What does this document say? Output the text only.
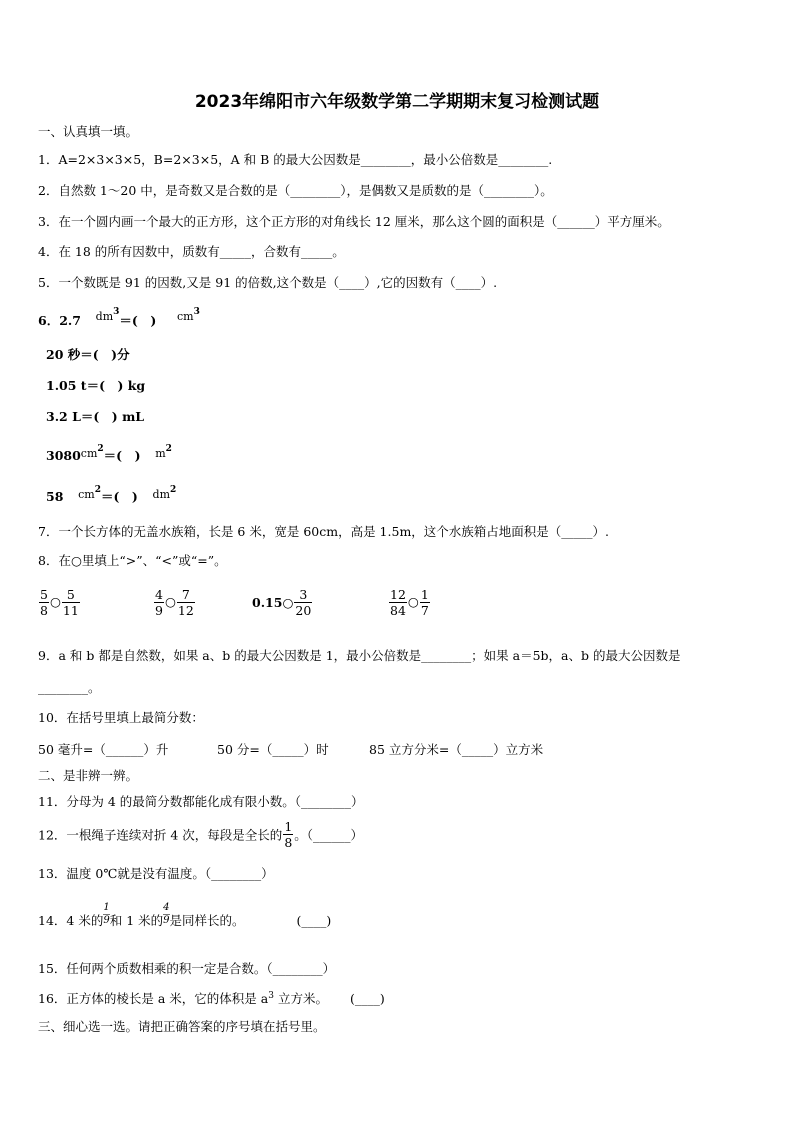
2023年绵阳市六年级数学第二学期期末复习检测试题
一、认真填一填。
1．A=2×3×3×5，B=2×3×5，A 和 B 的最大公因数是________，最小公倍数是________.
2．自然数 1～20 中，是奇数又是合数的是（________），是偶数又是质数的是（________）。
3．在一个圆内画一个最大的正方形，这个正方形的对角线长 12 厘米，那么这个圆的面积是（______）平方厘米。
4．在 18 的所有因数中，质数有_____，合数有_____。
5．一个数既是 91 的因数,又是 91 的倍数,这个数是（____）,它的因数有（____）.
6．2.7 $dm^3=$(　) $cm^3$
20 秒＝(　)分
1.05 t＝(　) kg
3.2 L＝(　) mL
$3080cm^2=$(　) $m^2$
58 $cm^2=$(　) $dm^2$
7．一个长方体的无盖水族箱，长是 6 米，宽是 60cm，高是 1.5m，这个水族箱占地面积是（_____）.
8．在○里填上“>”、“<”或“=”。
$\frac{5}{8}$ ○ $\frac{5}{11}$	$\frac{4}{9}$ ○ $\frac{7}{12}$	0.15○ $\frac{3}{20}$	$\frac{12}{84}$ ○ $\frac{1}{7}$
9．a 和 b 都是自然数，如果 a、b 的最大公因数是 1，最小公倍数是________；如果 a＝5b，a、b 的最大公因数是
________。
10．在括号里填上最简分数：
50 毫升=（______）升	50 分=（_____）时	85 立方分米=（_____）立方米
二、是非辨一辨。
11．分母为 4 的最简分数都能化成有限小数。（________）
12．一根绳子连续对折 4 次，每段是全长的 $\frac{1}{8}$ 。（______）
13．温度 0℃就是没有温度。（________）
14．4 米的 $\frac{1}{9}$ 和 1 米的 $\frac{4}{9}$ 是同样长的。	(____)
15．任何两个质数相乘的积一定是合数。（________）
16．正方体的棱长是 a 米，它的体积是 $a^3$ 立方米。 (____)
三、细心选一选。请把正确答案的序号填在括号里。
